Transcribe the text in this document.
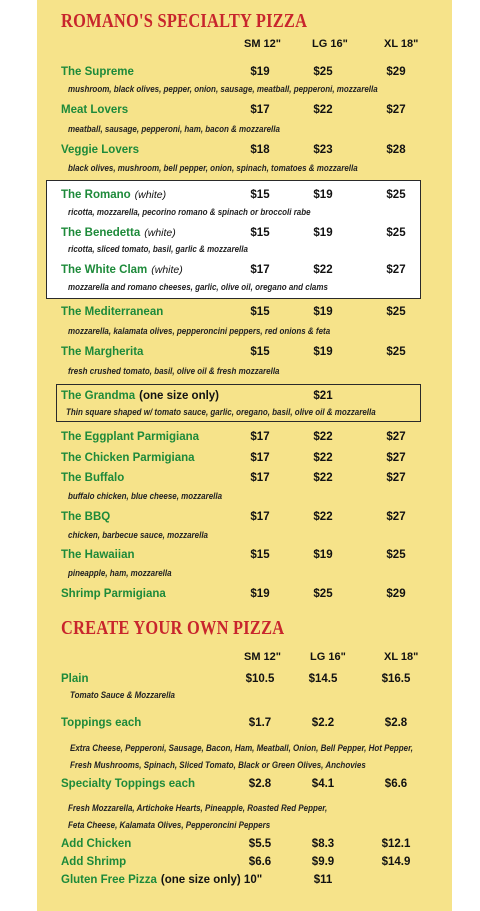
ROMANO'S SPECIALTY PIZZA
SM 12"	LG 16"	XL 18"
The Supreme	$19	$25	$29
mushroom, black olives, pepper, onion, sausage, meatball, pepperoni, mozzarella
Meat Lovers	$17	$22	$27
meatball, sausage, pepperoni, ham, bacon & mozzarella
Veggie Lovers	$18	$23	$28
black olives, mushroom, bell pepper, onion, spinach, tomatoes & mozzarella
The Romano (white)	$15	$19	$25
ricotta, mozzarella, pecorino romano & spinach or broccoli rabe
The Benedetta (white)	$15	$19	$25
ricotta, sliced tomato, basil, garlic & mozzarella
The White Clam (white)	$17	$22	$27
mozzarella and romano cheeses, garlic, olive oil, oregano and clams
The Mediterranean	$15	$19	$25
mozzarella, kalamata olives, pepperoncini peppers, red onions & feta
The Margherita	$15	$19	$25
fresh crushed tomato, basil, olive oil & fresh mozzarella
The Grandma (one size only)	$21
Thin square shaped w/ tomato sauce, garlic, oregano, basil, olive oil & mozzarella
The Eggplant Parmigiana	$17	$22	$27
The Chicken Parmigiana	$17	$22	$27
The Buffalo	$17	$22	$27
buffalo chicken, blue cheese, mozzarella
The BBQ	$17	$22	$27
chicken, barbecue sauce, mozzarella
The Hawaiian	$15	$19	$25
pineapple, ham, mozzarella
Shrimp Parmigiana	$19	$25	$29
CREATE YOUR OWN PIZZA
SM 12"	LG 16"	XL 18"
Plain	$10.5	$14.5	$16.5
Tomato Sauce & Mozzarella
Toppings each	$1.7	$2.2	$2.8
Specialty Toppings each	$2.8	$4.1	$6.6
Add Chicken	$5.5	$8.3	$12.1
Add Shrimp	$6.6	$9.9	$14.9
Gluten Free Pizza (one size only) 10"	$11
Extra Cheese, Pepperoni, Sausage, Bacon, Ham, Meatball, Onion, Bell Pepper, Hot Pepper,
Fresh Mushrooms, Spinach, Sliced Tomato, Black or Green Olives, Anchovies
Fresh Mozzarella, Artichoke Hearts, Pineapple, Roasted Red Pepper,
Feta Cheese, Kalamata Olives, Pepperoncini Peppers
